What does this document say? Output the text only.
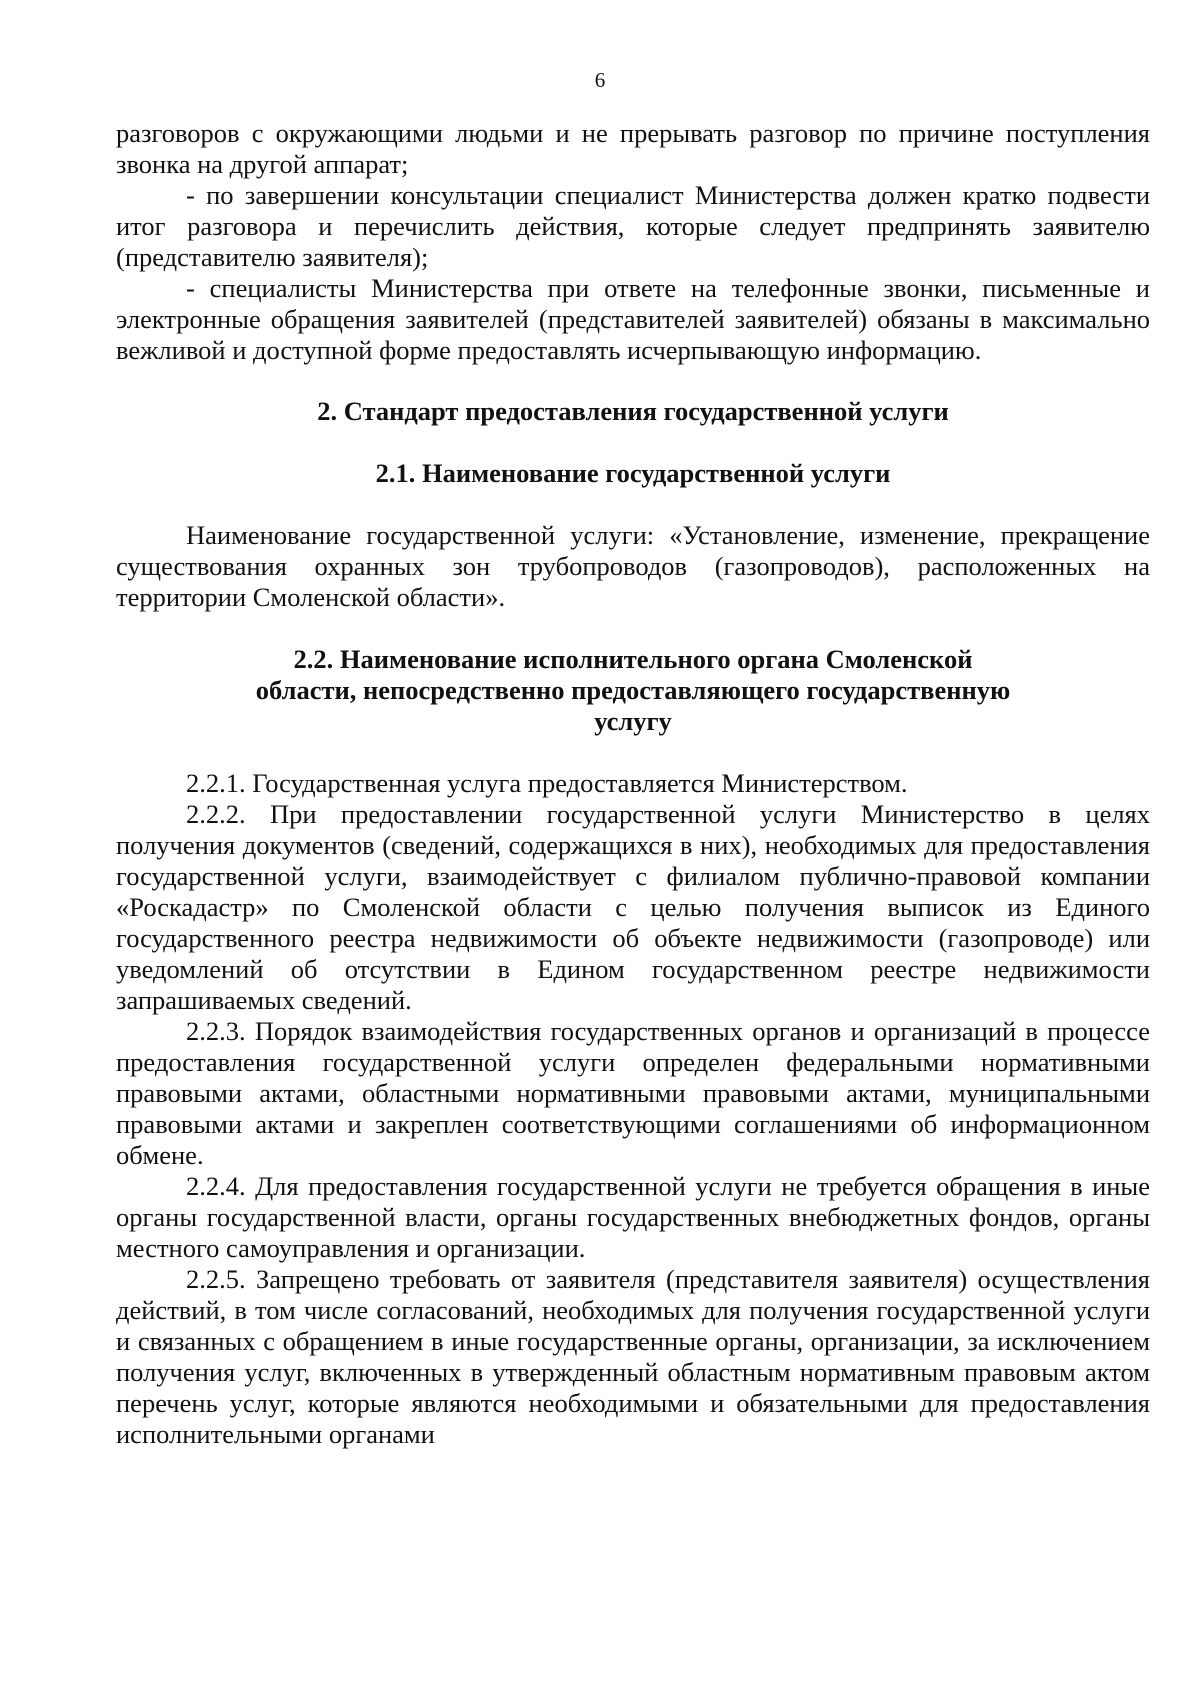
6

разговоров с окружающими людьми и не прерывать разговор по причине поступления звонка на другой аппарат;

- по завершении консультации специалист Министерства должен кратко подвести итог разговора и перечислить действия, которые следует предпринять заявителю (представителю заявителя);

- специалисты Министерства при ответе на телефонные звонки, письменные и электронные обращения заявителей (представителей заявителей) обязаны в максимально вежливой и доступной форме предоставлять исчерпывающую информацию.

2. Стандарт предоставления государственной услуги
2.1. Наименование государственной услуги

Наименование государственной услуги: «Установление, изменение, прекращение существования охранных зон трубопроводов (газопроводов), расположенных на территории Смоленской области».

2.2. Наименование исполнительного органа Смоленской области, непосредственно предоставляющего государственную услугу

2.2.1. Государственная услуга предоставляется Министерством.

2.2.2. При предоставлении государственной услуги Министерство в целях получения документов (сведений, содержащихся в них), необходимых для предоставления государственной услуги, взаимодействует с филиалом публично-правовой компании «Роскадастр» по Смоленской области с целью получения выписок из Единого государственного реестра недвижимости об объекте недвижимости (газопроводе) или уведомлений об отсутствии в Едином государственном реестре недвижимости запрашиваемых сведений.

2.2.3. Порядок взаимодействия государственных органов и организаций в процессе предоставления государственной услуги определен федеральными нормативными правовыми актами, областными нормативными правовыми актами, муниципальными правовыми актами и закреплен соответствующими соглашениями об информационном обмене.

2.2.4. Для предоставления государственной услуги не требуется обращения в иные органы государственной власти, органы государственных внебюджетных фондов, органы местного самоуправления и организации.

2.2.5. Запрещено требовать от заявителя (представителя заявителя) осуществления действий, в том числе согласований, необходимых для получения государственной услуги и связанных с обращением в иные государственные органы, организации, за исключением получения услуг, включенных в утвержденный областным нормативным правовым актом перечень услуг, которые являются необходимыми и обязательными для предоставления исполнительными органами
